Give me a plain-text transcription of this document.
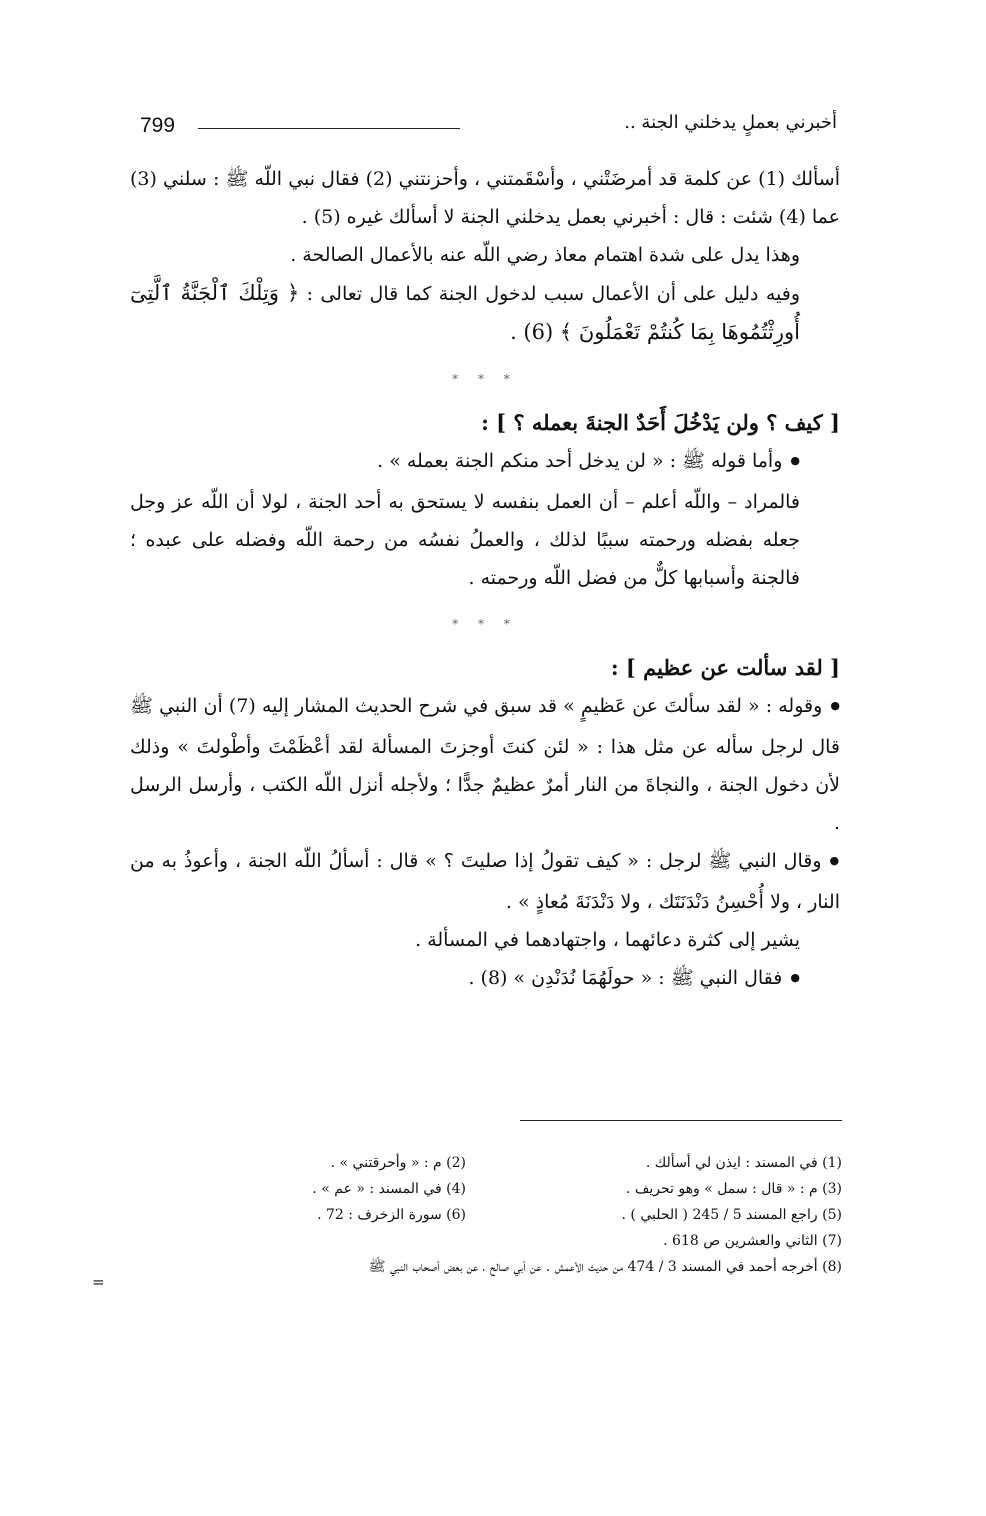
799	أخبرني بعملٍ يدخلني الجنة ..

أسألك (1) عن كلمة قد أمرضَتْني ، وأسْقَمتني ، وأحزنتني (2) فقال نبي اللّه ﷺ : سلني (3) عما (4) شئت : قال : أخبرني بعمل يدخلني الجنة لا أسألك غيره (5) .

وهذا يدل على شدة اهتمام معاذ رضي اللّه عنه بالأعمال الصالحة .

وفيه دليل على أن الأعمال سبب لدخول الجنة كما قال تعالى : ﴿ وَتِلْكَ ٱلْجَنَّةُ ٱلَّتِىٓ أُورِثْتُمُوهَا بِمَا كُنتُمْ تَعْمَلُونَ ﴾ (6) .

* * *

[ كيف ؟ ولن يَدْخُلَ أَحَدٌ الجنةَ بعمله ؟ ] :

● وأما قوله ﷺ : « لن يدخل أحد منكم الجنة بعمله » .

فالمراد – واللّه أعلم – أن العمل بنفسه لا يستحق به أحد الجنة ، لولا أن اللّه عز وجل جعله بفضله ورحمته سببًا لذلك ، والعملُ نفسُه من رحمة اللّه وفضله على عبده ؛ فالجنة وأسبابها كلٌّ من فضل اللّه ورحمته .

* * *

[ لقد سألت عن عظيم ] :

● وقوله : « لقد سألتَ عن عَظيمٍ » قد سبق في شرح الحديث المشار إليه (7) أن النبي ﷺ قال لرجل سأله عن مثل هذا : « لئن كنتَ أوجزتَ المسألة لقد أعْظَمْتَ وأطْولتَ » وذلك لأن دخول الجنة ، والنجاةَ من النار أمرٌ عظيمٌ جدًّا ؛ ولأجله أنزل اللّه الكتب ، وأرسل الرسل .

● وقال النبي ﷺ لرجل : « كيف تقولُ إذا صليتَ ؟ » قال : أسألُ اللّه الجنة ، وأعوذُ به من النار ، ولا أُحْسِنُ دَنْدَنَتَك ، ولا دَنْدَنَةَ مُعاذٍ » .

يشير إلى كثرة دعائهما ، واجتهادهما في المسألة .

● فقال النبي ﷺ : « حولَهُمَا نُدَنْدِن » (8) .

(1) في المسند : ايذن لي أسألك .
(2) م : « وأحرقتني » .
(3) م : « قال : سمل » وهو تحريف .
(4) في المسند : « عم » .
(5) راجع المسند 5 / 245 ( الحلبي ) .
(6) سورة الزخرف : 72 .
(7) الثاني والعشرين ص 618 .
(8) أخرجه أحمد في المسند 3 / 474 من حديث الأعمش . عن أبي صالح ، عن بعض أصحاب النبي ﷺ
=
